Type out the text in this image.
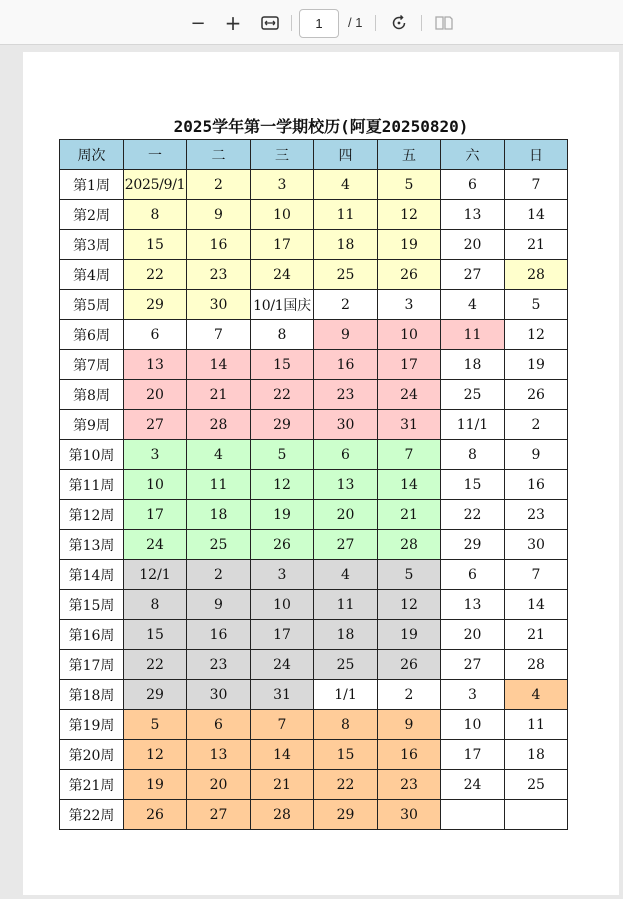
− +
1	/ 1
2025学年第一学期校历(阿夏20250820)
周次	一	二	三	四	五	六	日
第1周	2025/9/1	2	3	4	5	6	7
第2周	8	9	10	11	12	13	14
第3周	15	16	17	18	19	20	21
第4周	22	23	24	25	26	27	28
第5周	29	30	10/1国庆	2	3	4	5
第6周	6	7	8	9	10	11	12
第7周	13	14	15	16	17	18	19
第8周	20	21	22	23	24	25	26
第9周	27	28	29	30	31	11/1	2
第10周	3	4	5	6	7	8	9
第11周	10	11	12	13	14	15	16
第12周	17	18	19	20	21	22	23
第13周	24	25	26	27	28	29	30
第14周	12/1	2	3	4	5	6	7
第15周	8	9	10	11	12	13	14
第16周	15	16	17	18	19	20	21
第17周	22	23	24	25	26	27	28
第18周	29	30	31	1/1	2	3	4
第19周	5	6	7	8	9	10	11
第20周	12	13	14	15	16	17	18
第21周	19	20	21	22	23	24	25
第22周	26	27	28	29	30		
